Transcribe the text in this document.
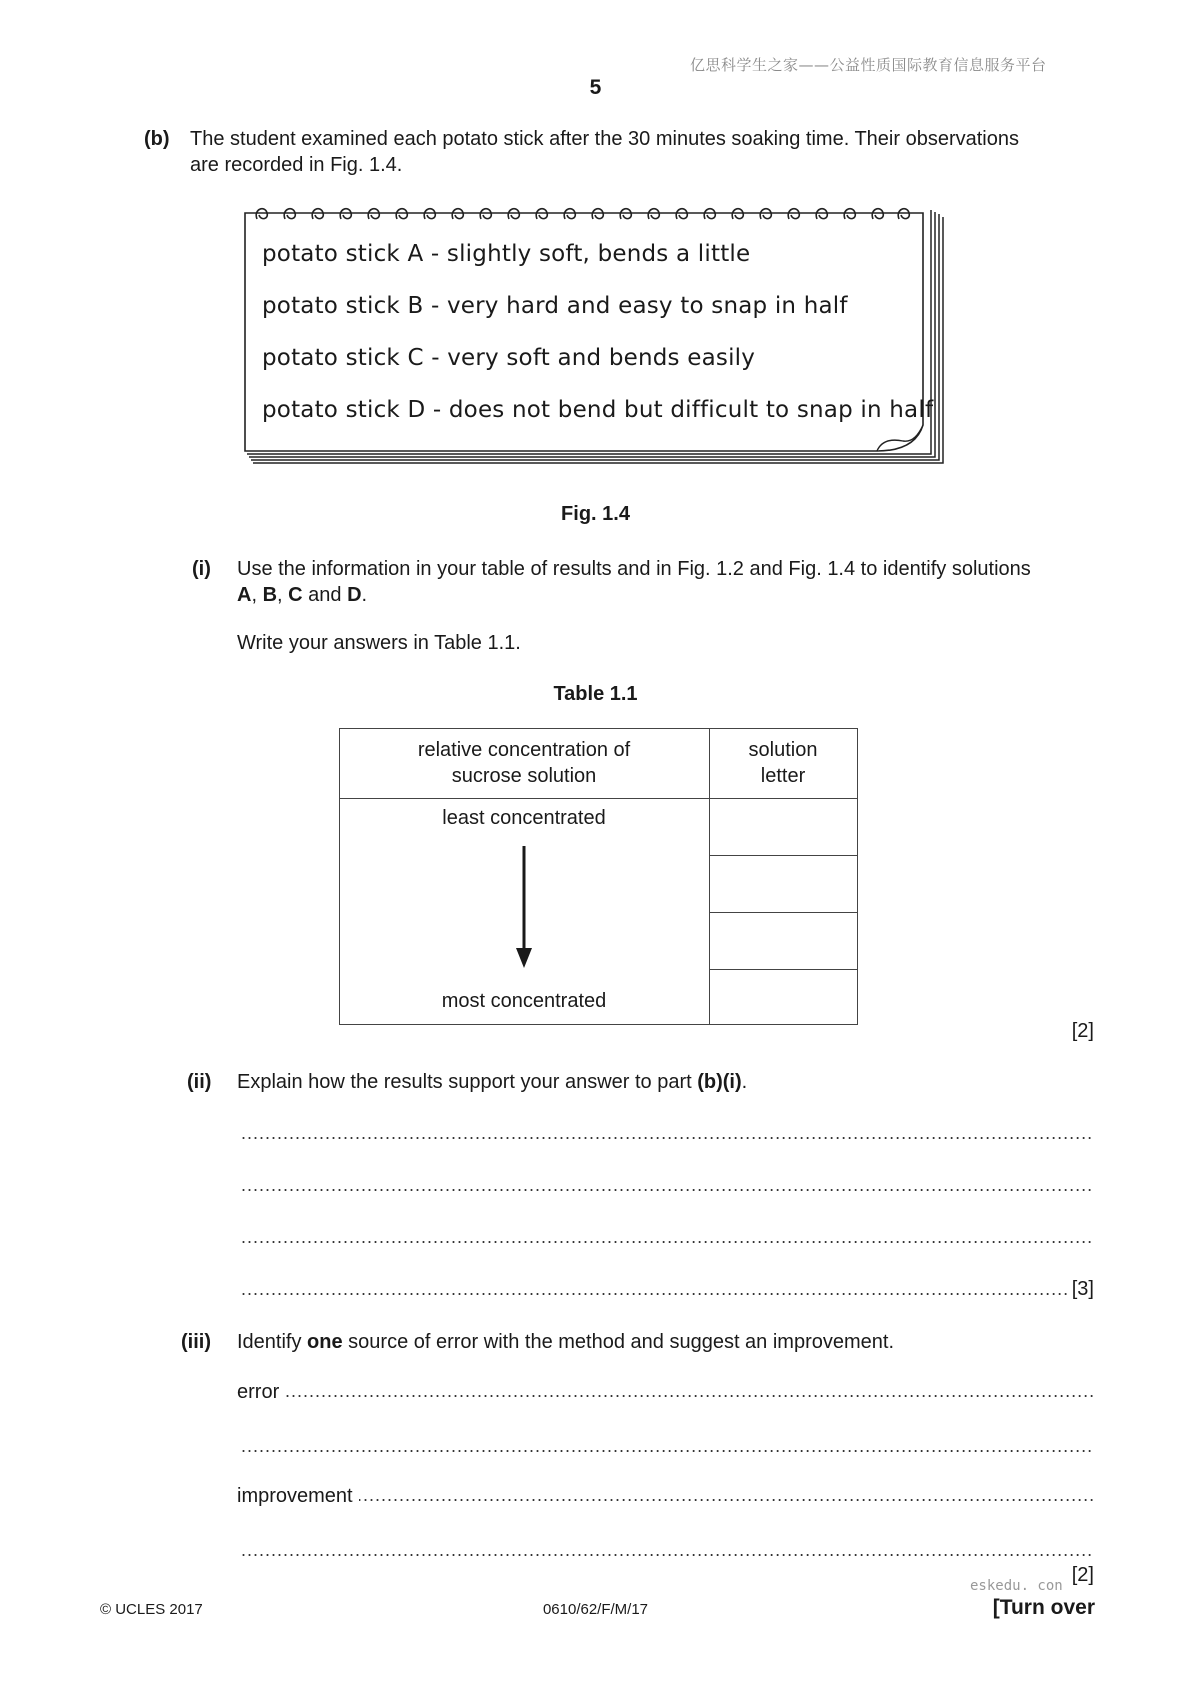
亿思科学生之家——公益性质国际教育信息服务平台
5
(b) The student examined each potato stick after the 30 minutes soaking time. Their observations
are recorded in Fig. 1.4.
potato stick A - slightly soft, bends a little
potato stick B - very hard and easy to snap in half
potato stick C - very soft and bends easily
potato stick D - does not bend but difficult to snap in half
Fig. 1.4
(i) Use the information in your table of results and in Fig. 1.2 and Fig. 1.4 to identify solutions
A, B, C and D.
Write your answers in Table 1.1.
Table 1.1
relative concentration of
sucrose solution
solution
letter
least concentrated
most concentrated
[2]
(ii) Explain how the results support your answer to part (b)(i).
.....
.....
.....
.....
[3]
(iii) Identify one source of error with the method and suggest an improvement.
.....
error
.....
.....
improvement
.....
[2]
eskedu. con
© UCLES 2017	0610/62/F/M/17	[Turn over
